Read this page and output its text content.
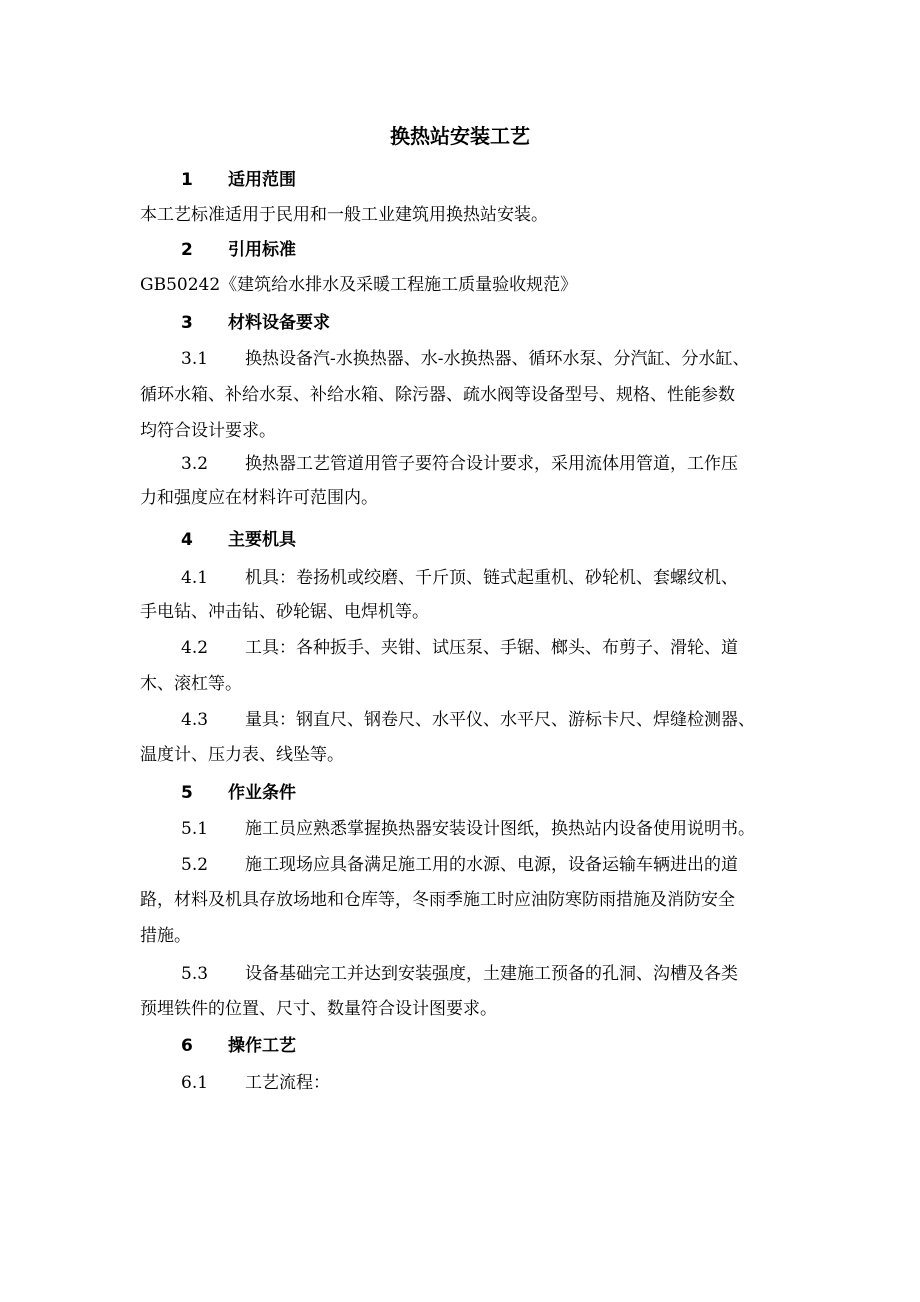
换热站安装工艺
1 适用范围
本工艺标准适用于民用和一般工业建筑用换热站安装。
2 引用标准
GB50242《建筑给水排水及采暖工程施工质量验收规范》
3 材料设备要求
3.1 换热设备汽-水换热器、水-水换热器、循环水泵、分汽缸、分水缸、
循环水箱、补给水泵、补给水箱、除污器、疏水阀等设备型号、规格、性能参数
均符合设计要求。
3.2 换热器工艺管道用管子要符合设计要求，采用流体用管道，工作压
力和强度应在材料许可范围内。
4 主要机具
4.1 机具：卷扬机或绞磨、千斤顶、链式起重机、砂轮机、套螺纹机、
手电钻、冲击钻、砂轮锯、电焊机等。
4.2 工具：各种扳手、夹钳、试压泵、手锯、榔头、布剪子、滑轮、道
木、滚杠等。
4.3 量具：钢直尺、钢卷尺、水平仪、水平尺、游标卡尺、焊缝检测器、
温度计、压力表、线坠等。
5 作业条件
5.1 施工员应熟悉掌握换热器安装设计图纸，换热站内设备使用说明书。
5.2 施工现场应具备满足施工用的水源、电源，设备运输车辆进出的道
路，材料及机具存放场地和仓库等，冬雨季施工时应油防寒防雨措施及消防安全
措施。
5.3 设备基础完工并达到安装强度，土建施工预备的孔洞、沟槽及各类
预埋铁件的位置、尺寸、数量符合设计图要求。
6 操作工艺
6.1 工艺流程：
